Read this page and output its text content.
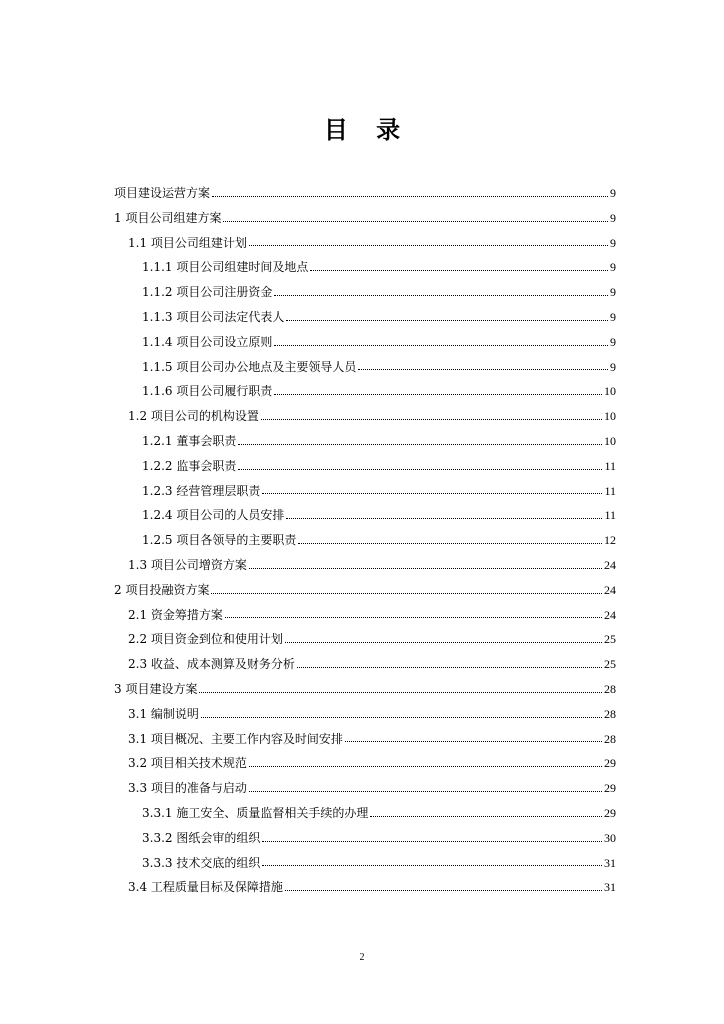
目 录
项目建设运营方案	9
1 项目公司组建方案	9
1.1 项目公司组建计划	9
1.1.1 项目公司组建时间及地点	9
1.1.2 项目公司注册资金	9
1.1.3 项目公司法定代表人	9
1.1.4 项目公司设立原则	9
1.1.5 项目公司办公地点及主要领导人员	9
1.1.6 项目公司履行职责	10
1.2 项目公司的机构设置	10
1.2.1 董事会职责	10
1.2.2 监事会职责	11
1.2.3 经营管理层职责	11
1.2.4 项目公司的人员安排	11
1.2.5 项目各领导的主要职责	12
1.3 项目公司增资方案	24
2 项目投融资方案	24
2.1 资金筹措方案	24
2.2 项目资金到位和使用计划	25
2.3 收益、成本测算及财务分析	25
3 项目建设方案	28
3.1 编制说明	28
3.1 项目概况、主要工作内容及时间安排	28
3.2 项目相关技术规范	29
3.3 项目的准备与启动	29
3.3.1 施工安全、质量监督相关手续的办理	29
3.3.2 图纸会审的组织	30
3.3.3 技术交底的组织	31
3.4 工程质量目标及保障措施	31
2
